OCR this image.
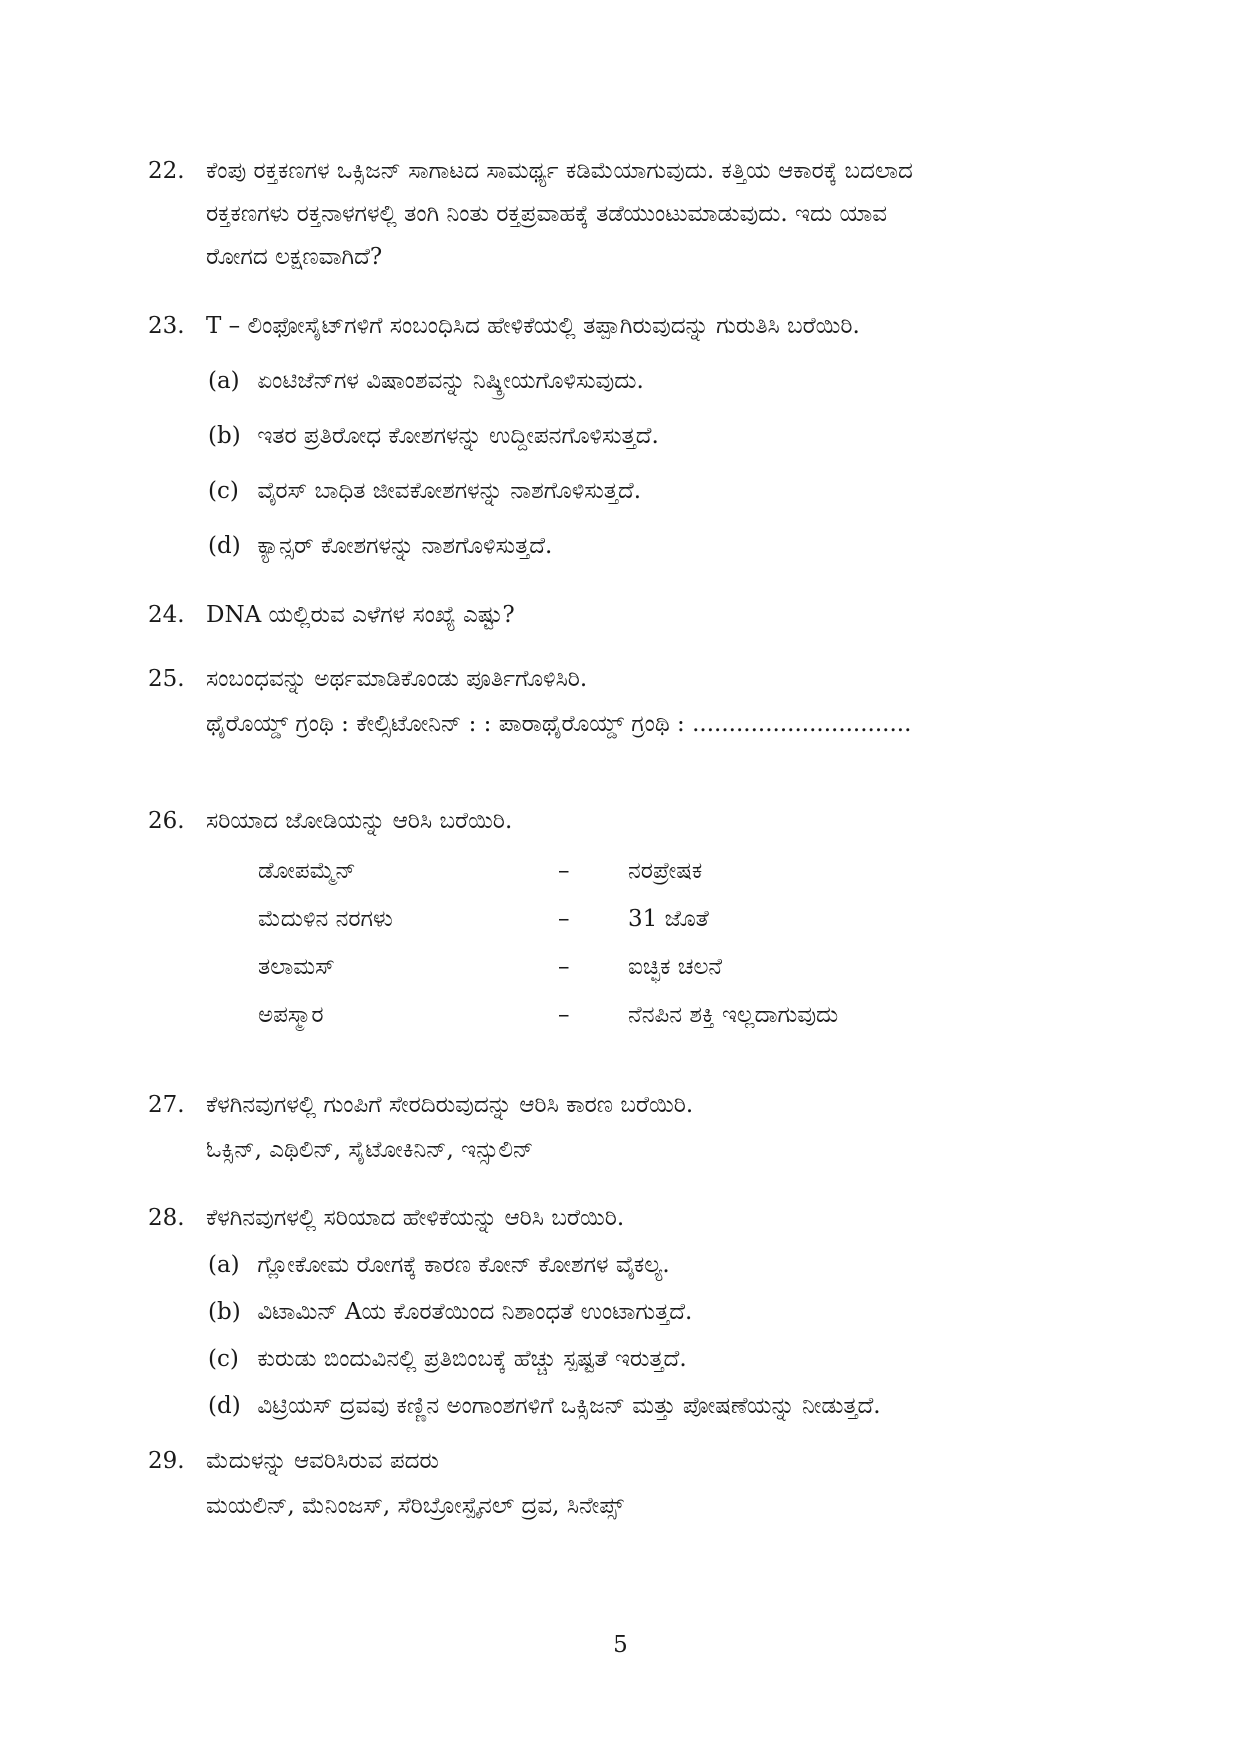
22. ಕೆಂಪು ರಕ್ತಕಣಗಳ ಒಕ್ಸಿಜನ್ ಸಾಗಾಟದ ಸಾಮರ್ಥ್ಯ ಕಡಿಮೆಯಾಗುವುದು. ಕತ್ತಿಯ ಆಕಾರಕ್ಕೆ ಬದಲಾದ
ರಕ್ತಕಣಗಳು ರಕ್ತನಾಳಗಳಲ್ಲಿ ತಂಗಿ ನಿಂತು ರಕ್ತಪ್ರವಾಹಕ್ಕೆ ತಡೆಯುಂಟುಮಾಡುವುದು. ಇದು ಯಾವ
ರೋಗದ ಲಕ್ಷಣವಾಗಿದೆ?
23. T – ಲಿಂಫೋಸೈಟ್‌ಗಳಿಗೆ ಸಂಬಂಧಿಸಿದ ಹೇಳಿಕೆಯಲ್ಲಿ ತಪ್ಪಾಗಿರುವುದನ್ನು ಗುರುತಿಸಿ ಬರೆಯಿರಿ.
(a) ಏಂಟಿಜೆನ್‌ಗಳ ವಿಷಾಂಶವನ್ನು ನಿಷ್ಕ್ರೀಯಗೊಳಿಸುವುದು.
(b) ಇತರ ಪ್ರತಿರೋಧ ಕೋಶಗಳನ್ನು ಉದ್ದೀಪನಗೊಳಿಸುತ್ತದೆ.
(c) ವೈರಸ್ ಬಾಧಿತ ಜೀವಕೋಶಗಳನ್ನು ನಾಶಗೊಳಿಸುತ್ತದೆ.
(d) ಕ್ಯಾನ್ಸರ್ ಕೋಶಗಳನ್ನು ನಾಶಗೊಳಿಸುತ್ತದೆ.
24. DNA ಯಲ್ಲಿರುವ ಎಳೆಗಳ ಸಂಖ್ಯೆ ಎಷ್ಟು?
25. ಸಂಬಂಧವನ್ನು ಅರ್ಥಮಾಡಿಕೊಂಡು ಪೂರ್ತಿಗೊಳಿಸಿರಿ.
ಥೈರೊಯ್ಡ್ ಗ್ರಂಥಿ : ಕೇಲ್ಸಿಟೋನಿನ್ : : ಪಾರಾಥೈರೊಯ್ಡ್ ಗ್ರಂಥಿ : ..............................
26. ಸರಿಯಾದ ಜೋಡಿಯನ್ನು ಆರಿಸಿ ಬರೆಯಿರಿ.
ಡೋಪಮ್ಮೆನ್	–	ನರಪ್ರೇಷಕ
ಮೆದುಳಿನ ನರಗಳು	–	31 ಜೊತೆ
ತಲಾಮಸ್	–	ಐಚ್ಛಿಕ ಚಲನೆ
ಅಪಸ್ಮಾರ	–	ನೆನಪಿನ ಶಕ್ತಿ ಇಲ್ಲದಾಗುವುದು
27. ಕೆಳಗಿನವುಗಳಲ್ಲಿ ಗುಂಪಿಗೆ ಸೇರದಿರುವುದನ್ನು ಆರಿಸಿ ಕಾರಣ ಬರೆಯಿರಿ.
ಓಕ್ಸಿನ್, ಎಥಿಲಿನ್, ಸೈಟೋಕಿನಿನ್, ಇನ್ಸುಲಿನ್
28. ಕೆಳಗಿನವುಗಳಲ್ಲಿ ಸರಿಯಾದ ಹೇಳಿಕೆಯನ್ನು ಆರಿಸಿ ಬರೆಯಿರಿ.
(a) ಗ್ಲೋಕೋಮ ರೋಗಕ್ಕೆ ಕಾರಣ ಕೋನ್ ಕೋಶಗಳ ವೈಕಲ್ಯ.
(b) ವಿಟಾಮಿನ್ Aಯ ಕೊರತೆಯಿಂದ ನಿಶಾಂಧತೆ ಉಂಟಾಗುತ್ತದೆ.
(c) ಕುರುಡು ಬಿಂದುವಿನಲ್ಲಿ ಪ್ರತಿಬಿಂಬಕ್ಕೆ ಹೆಚ್ಚು ಸ್ಪಷ್ಟತೆ ಇರುತ್ತದೆ.
(d) ವಿಟ್ರಿಯಸ್ ದ್ರವವು ಕಣ್ಣಿನ ಅಂಗಾಂಶಗಳಿಗೆ ಒಕ್ಸಿಜನ್ ಮತ್ತು ಪೋಷಣೆಯನ್ನು ನೀಡುತ್ತದೆ.
29. ಮೆದುಳನ್ನು ಆವರಿಸಿರುವ ಪದರು
ಮಯಲಿನ್, ಮೆನಿಂಜಸ್, ಸೆರಿಬ್ರೋಸ್ಪೈನಲ್ ದ್ರವ, ಸಿನೇಪ್ಸ್
5
